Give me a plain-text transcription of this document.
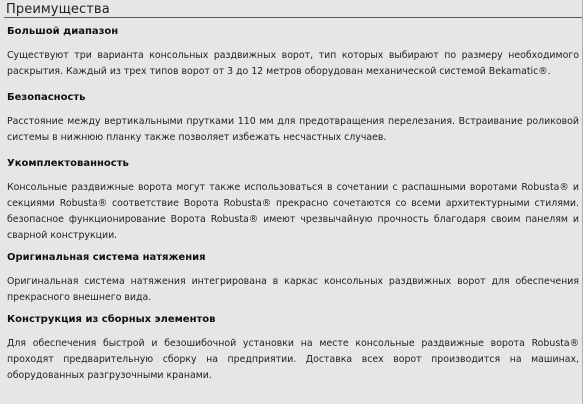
Преимущества
Большой диапазон

Существуют три варианта консольных раздвижных ворот, тип которых выбирают по размеру необходимого раскрытия. Каждый из трех типов ворот от 3 до 12 метров оборудован механической системой Bekamatic®.

Безопасность

Расстояние между вертикальными прутками 110 мм для предотвращения перелезания. Встраивание роликовой системы в нижнюю планку также позволяет избежать несчастных случаев.

Укомплектованность

Консольные раздвижные ворота могут также использоваться в сочетании с распашными воротами Robusta® и секциями Robusta® соответствие Ворота Robusta® прекрасно сочетаются со всеми архитектурными стилями. безопасное функционирование Ворота Robusta® имеют чрезвычайную прочность благодаря своим панелям и сварной конструкции.

Оригинальная система натяжения

Оригинальная система натяжения интегрирована в каркас консольных раздвижных ворот для обеспечения прекрасного внешнего вида.

Конструкция из сборных элементов

Для обеспечения быстрой и безошибочной установки на месте консольные раздвижные ворота Robusta® проходят предварительную сборку на предприятии. Доставка всех ворот производится на машинах, оборудованных разгрузочными кранами.
